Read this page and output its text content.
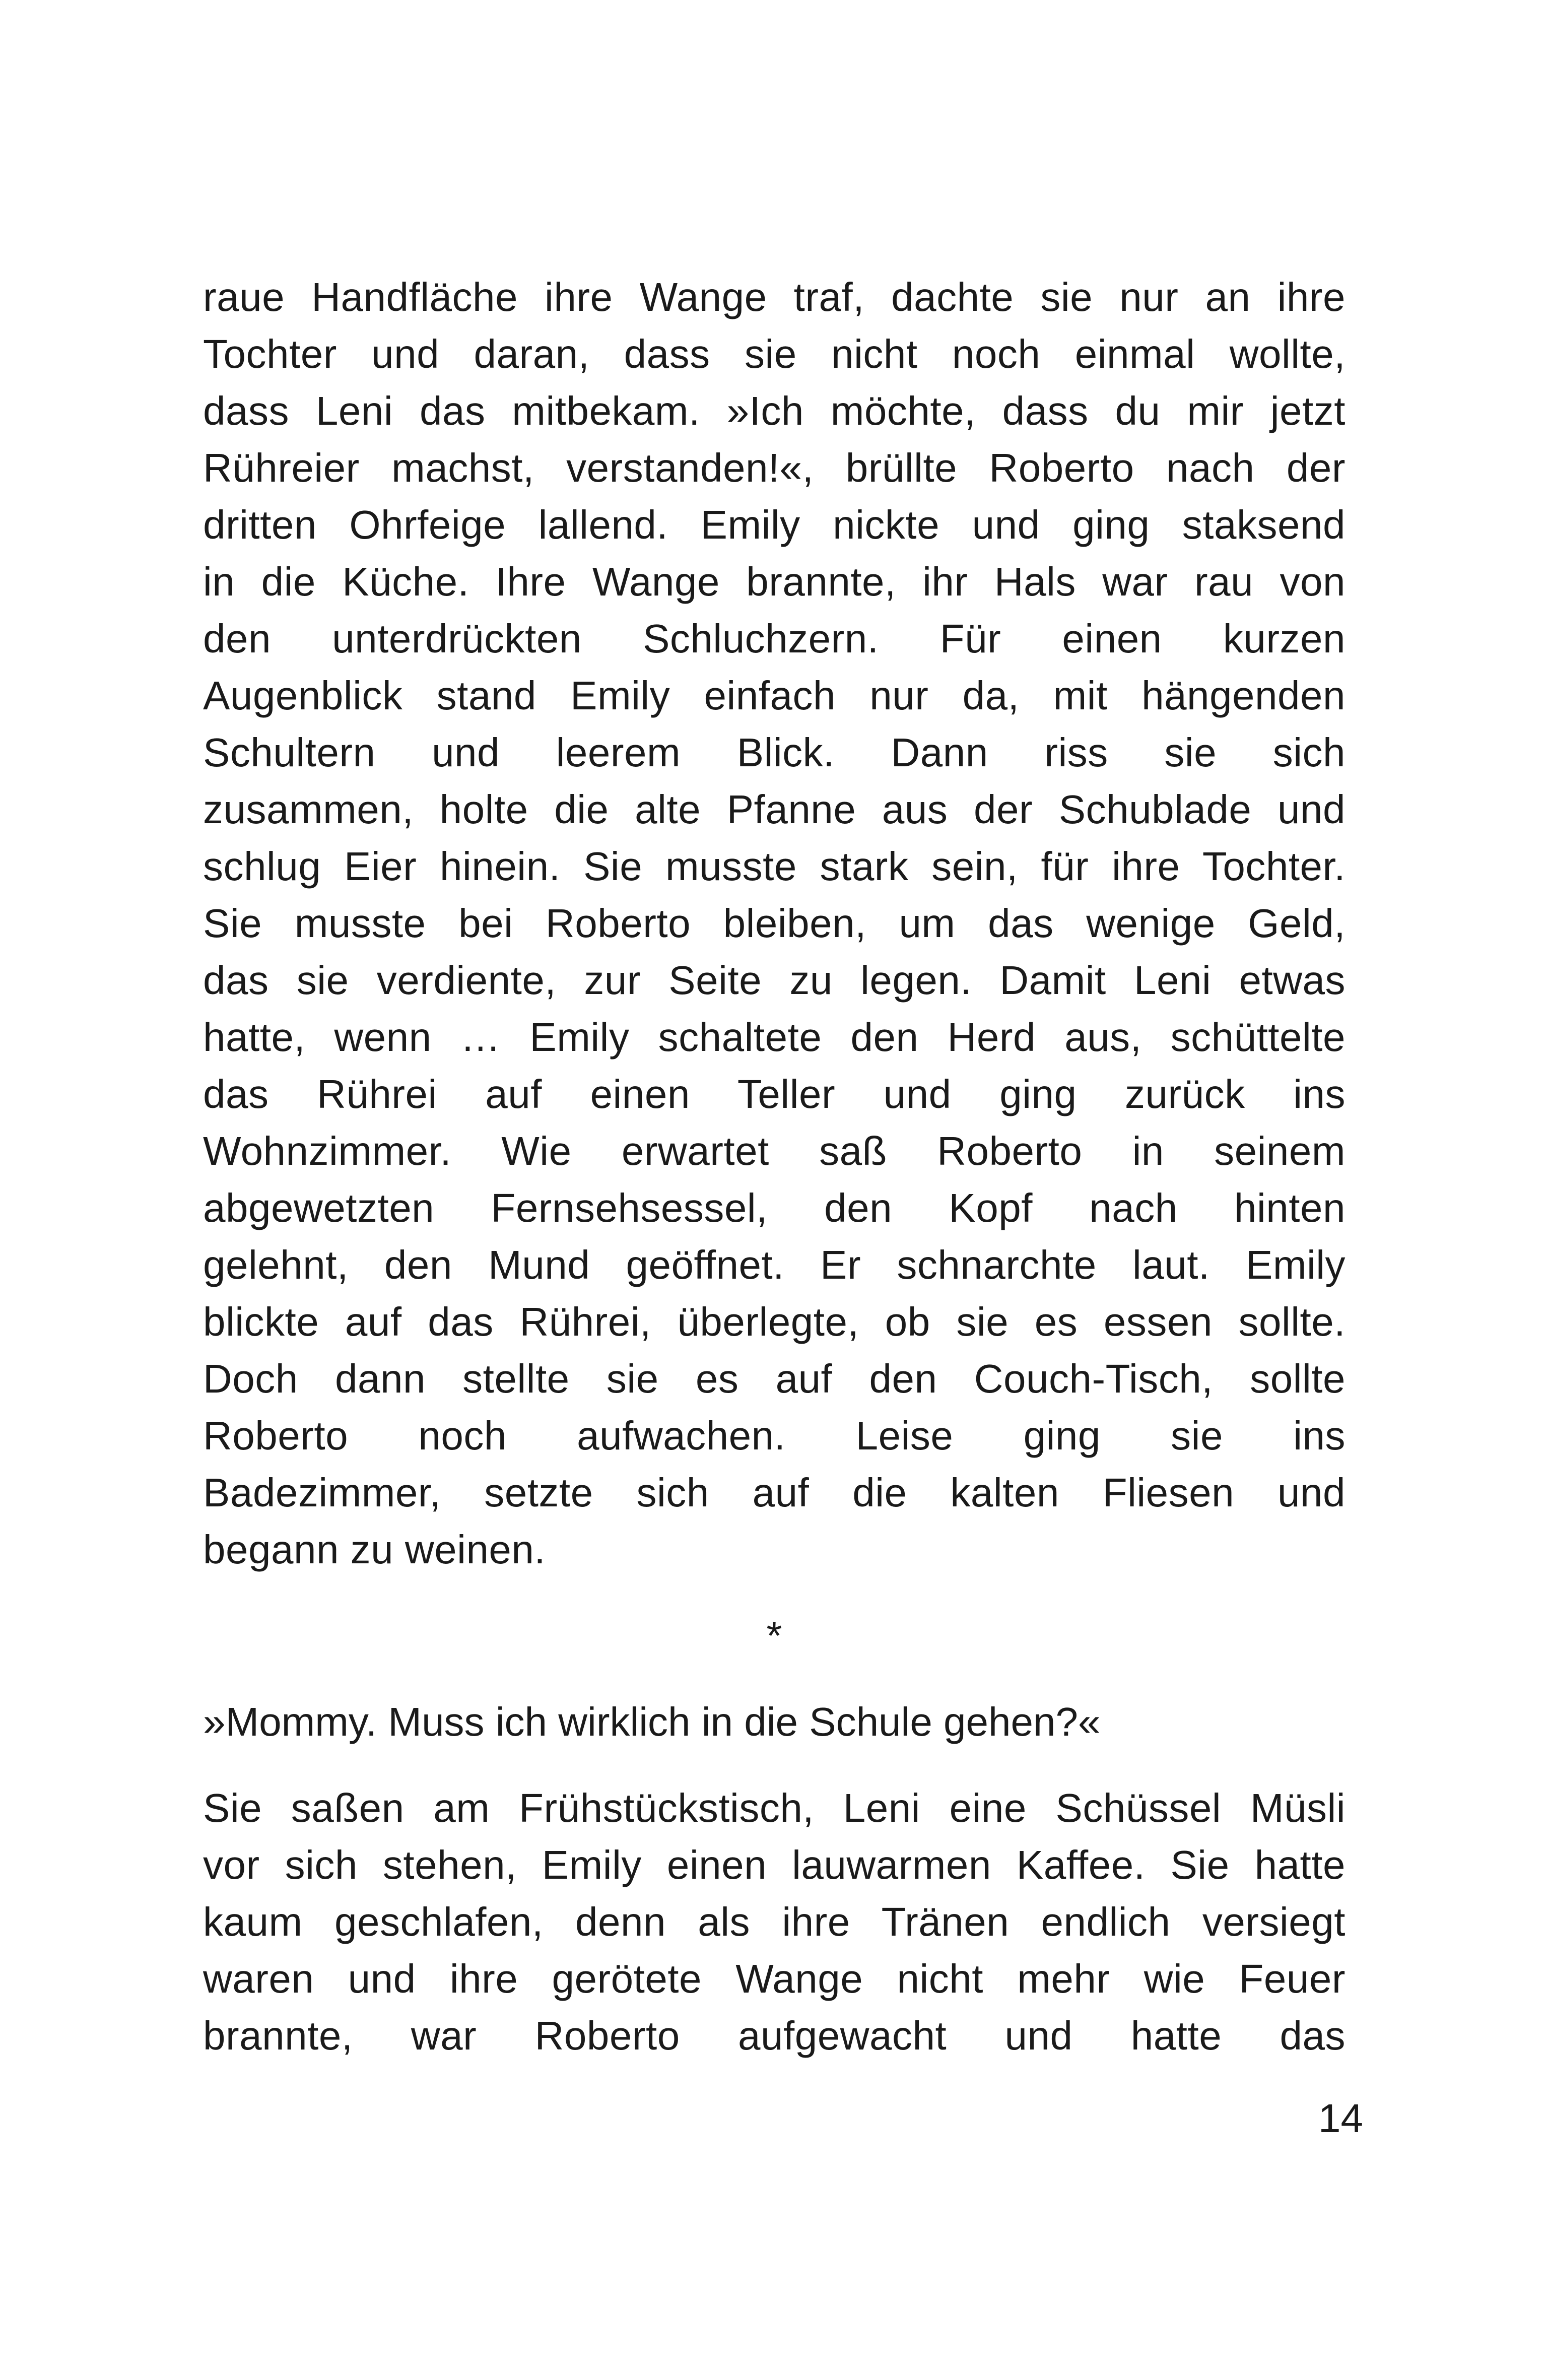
raue Handfläche ihre Wange traf, dachte sie nur an ihre
Tochter und daran, dass sie nicht noch einmal wollte,
dass Leni das mitbekam. »Ich möchte, dass du mir jetzt
Rühreier machst, verstanden!«, brüllte Roberto nach der
dritten Ohrfeige lallend. Emily nickte und ging staksend
in die Küche. Ihre Wange brannte, ihr Hals war rau von
den unterdrückten Schluchzern. Für einen kurzen
Augenblick stand Emily einfach nur da, mit hängenden
Schultern und leerem Blick. Dann riss sie sich
zusammen, holte die alte Pfanne aus der Schublade und
schlug Eier hinein. Sie musste stark sein, für ihre Tochter.
Sie musste bei Roberto bleiben, um das wenige Geld,
das sie verdiente, zur Seite zu legen. Damit Leni etwas
hatte, wenn … Emily schaltete den Herd aus, schüttelte
das Rührei auf einen Teller und ging zurück ins
Wohnzimmer. Wie erwartet saß Roberto in seinem
abgewetzten Fernsehsessel, den Kopf nach hinten
gelehnt, den Mund geöffnet. Er schnarchte laut. Emily
blickte auf das Rührei, überlegte, ob sie es essen sollte.
Doch dann stellte sie es auf den Couch-Tisch, sollte
Roberto noch aufwachen. Leise ging sie ins
Badezimmer, setzte sich auf die kalten Fliesen und
begann zu weinen.
*
»Mommy. Muss ich wirklich in die Schule gehen?«
Sie saßen am Frühstückstisch, Leni eine Schüssel Müsli
vor sich stehen, Emily einen lauwarmen Kaffee. Sie hatte
kaum geschlafen, denn als ihre Tränen endlich versiegt
waren und ihre gerötete Wange nicht mehr wie Feuer
brannte, war Roberto aufgewacht und hatte das
14
